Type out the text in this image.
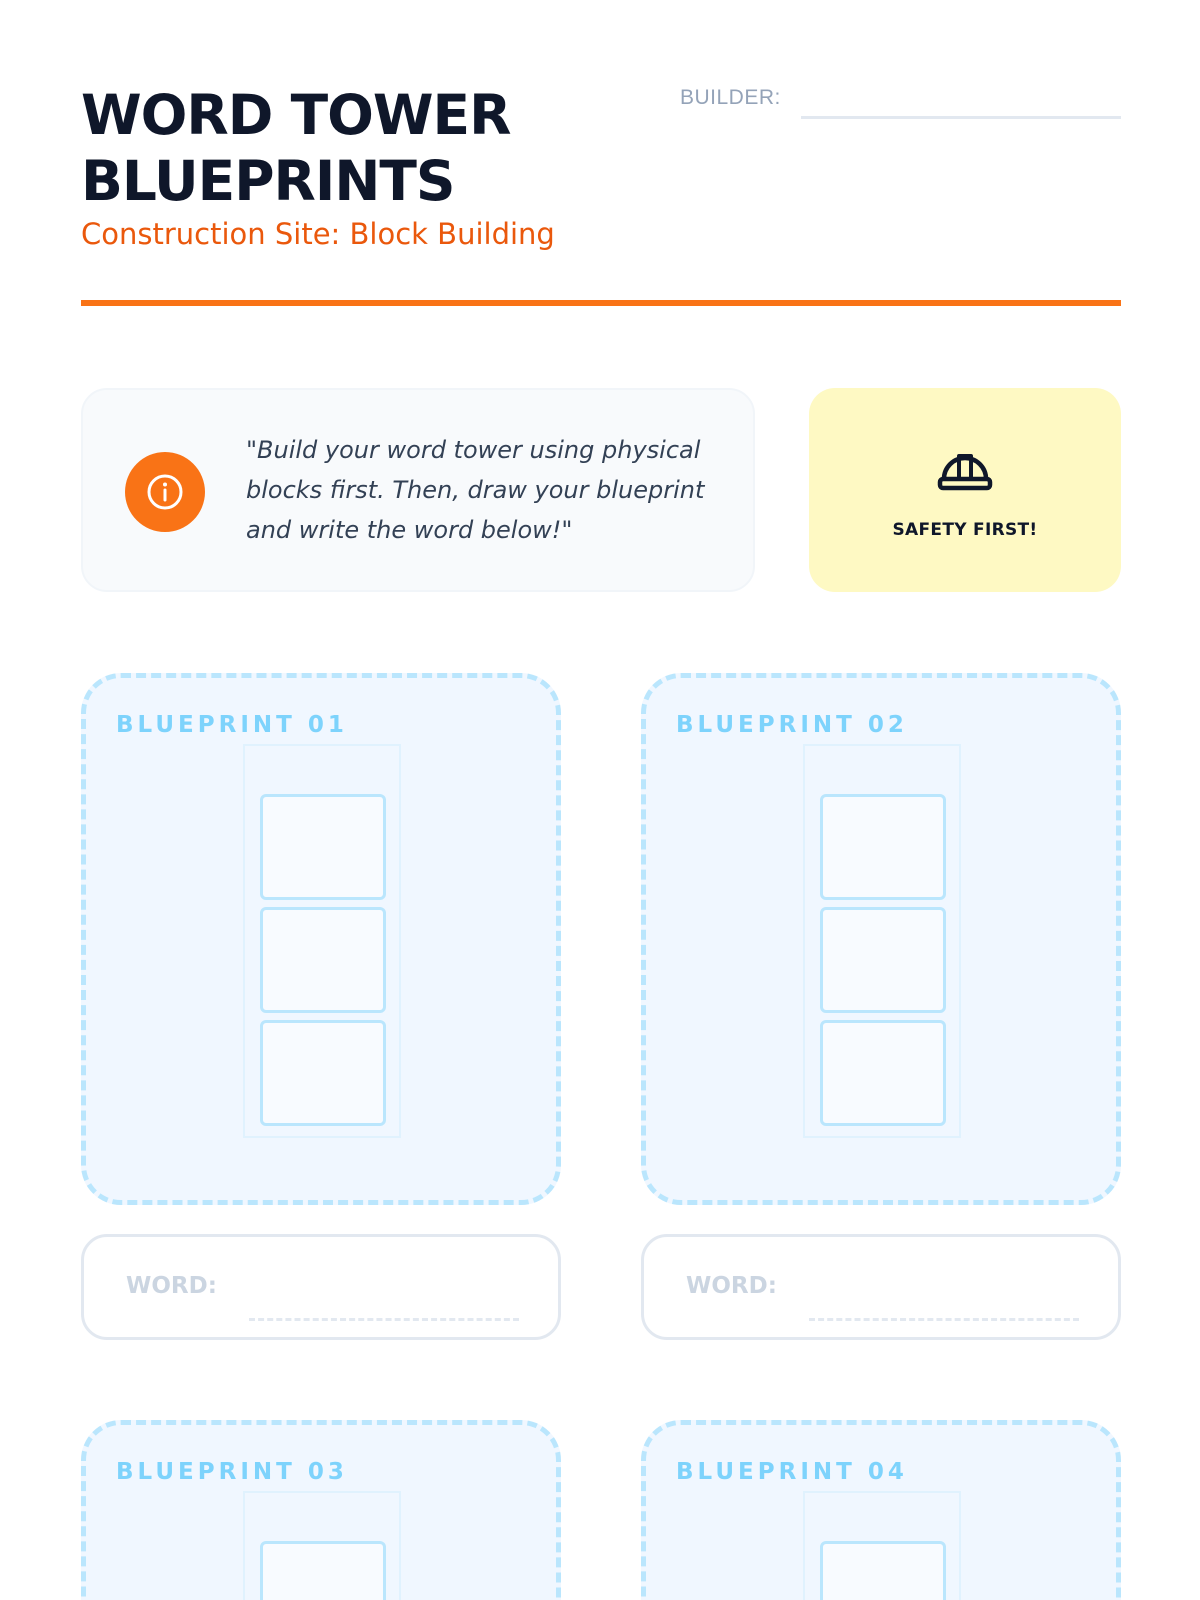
WORD TOWER BLUEPRINTS
Construction Site: Block Building
BUILDER:

"Build your word tower using physical blocks first. Then, draw your blueprint and write the word below!"	SAFETY FIRST!
BLUEPRINT 01
WORD:
BLUEPRINT 02
WORD:
BLUEPRINT 03	BLUEPRINT 04
